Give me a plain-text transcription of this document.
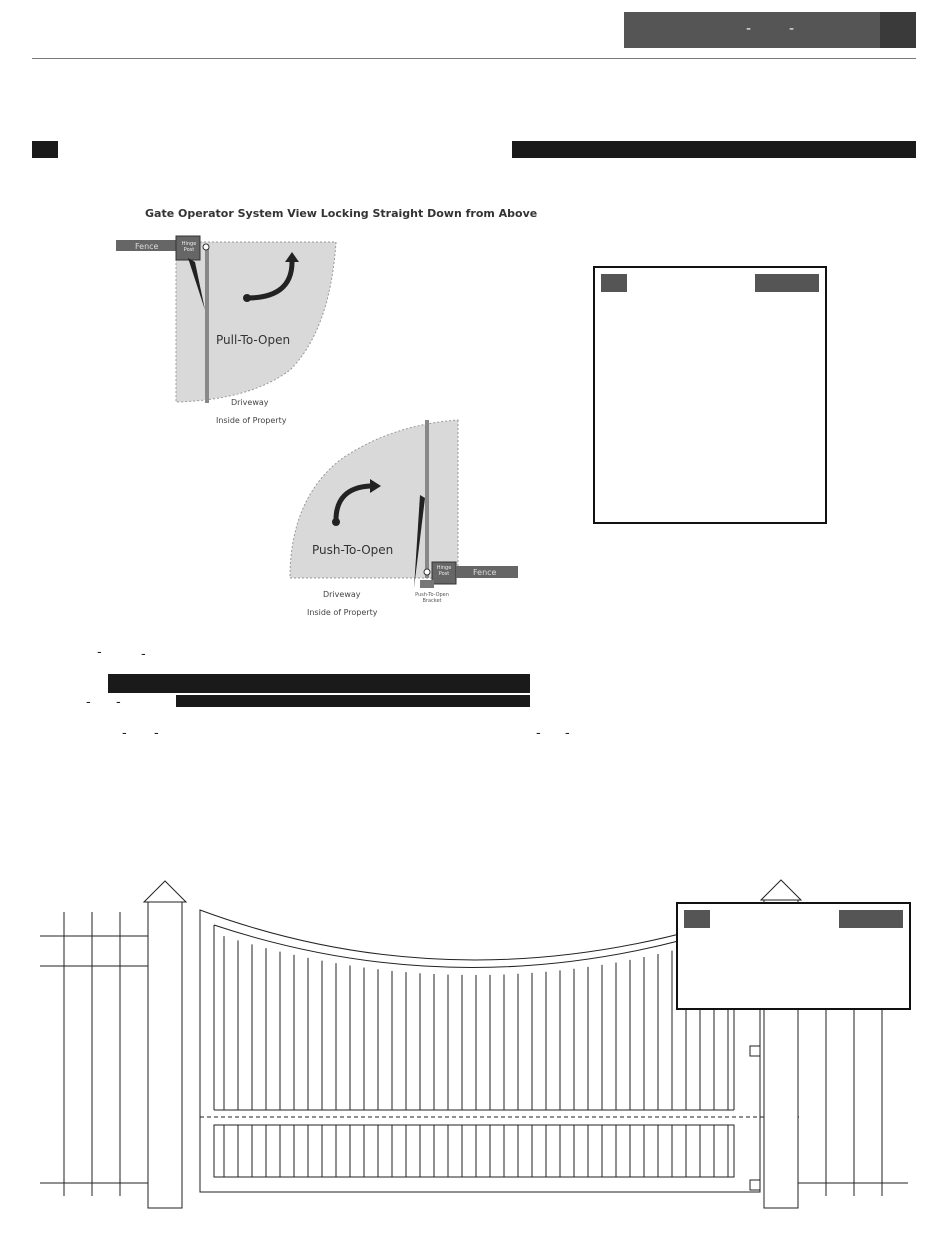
-	-
Gate Operator System View Locking Straight Down from Above
Fence	Hinge Post
Pull-To-Open
Driveway
Inside of Property
Push-To-Open
Hinge Post	Fence
Push-To-Open Bracket
Driveway
Inside of Property
-	-
- -
- -	- -
